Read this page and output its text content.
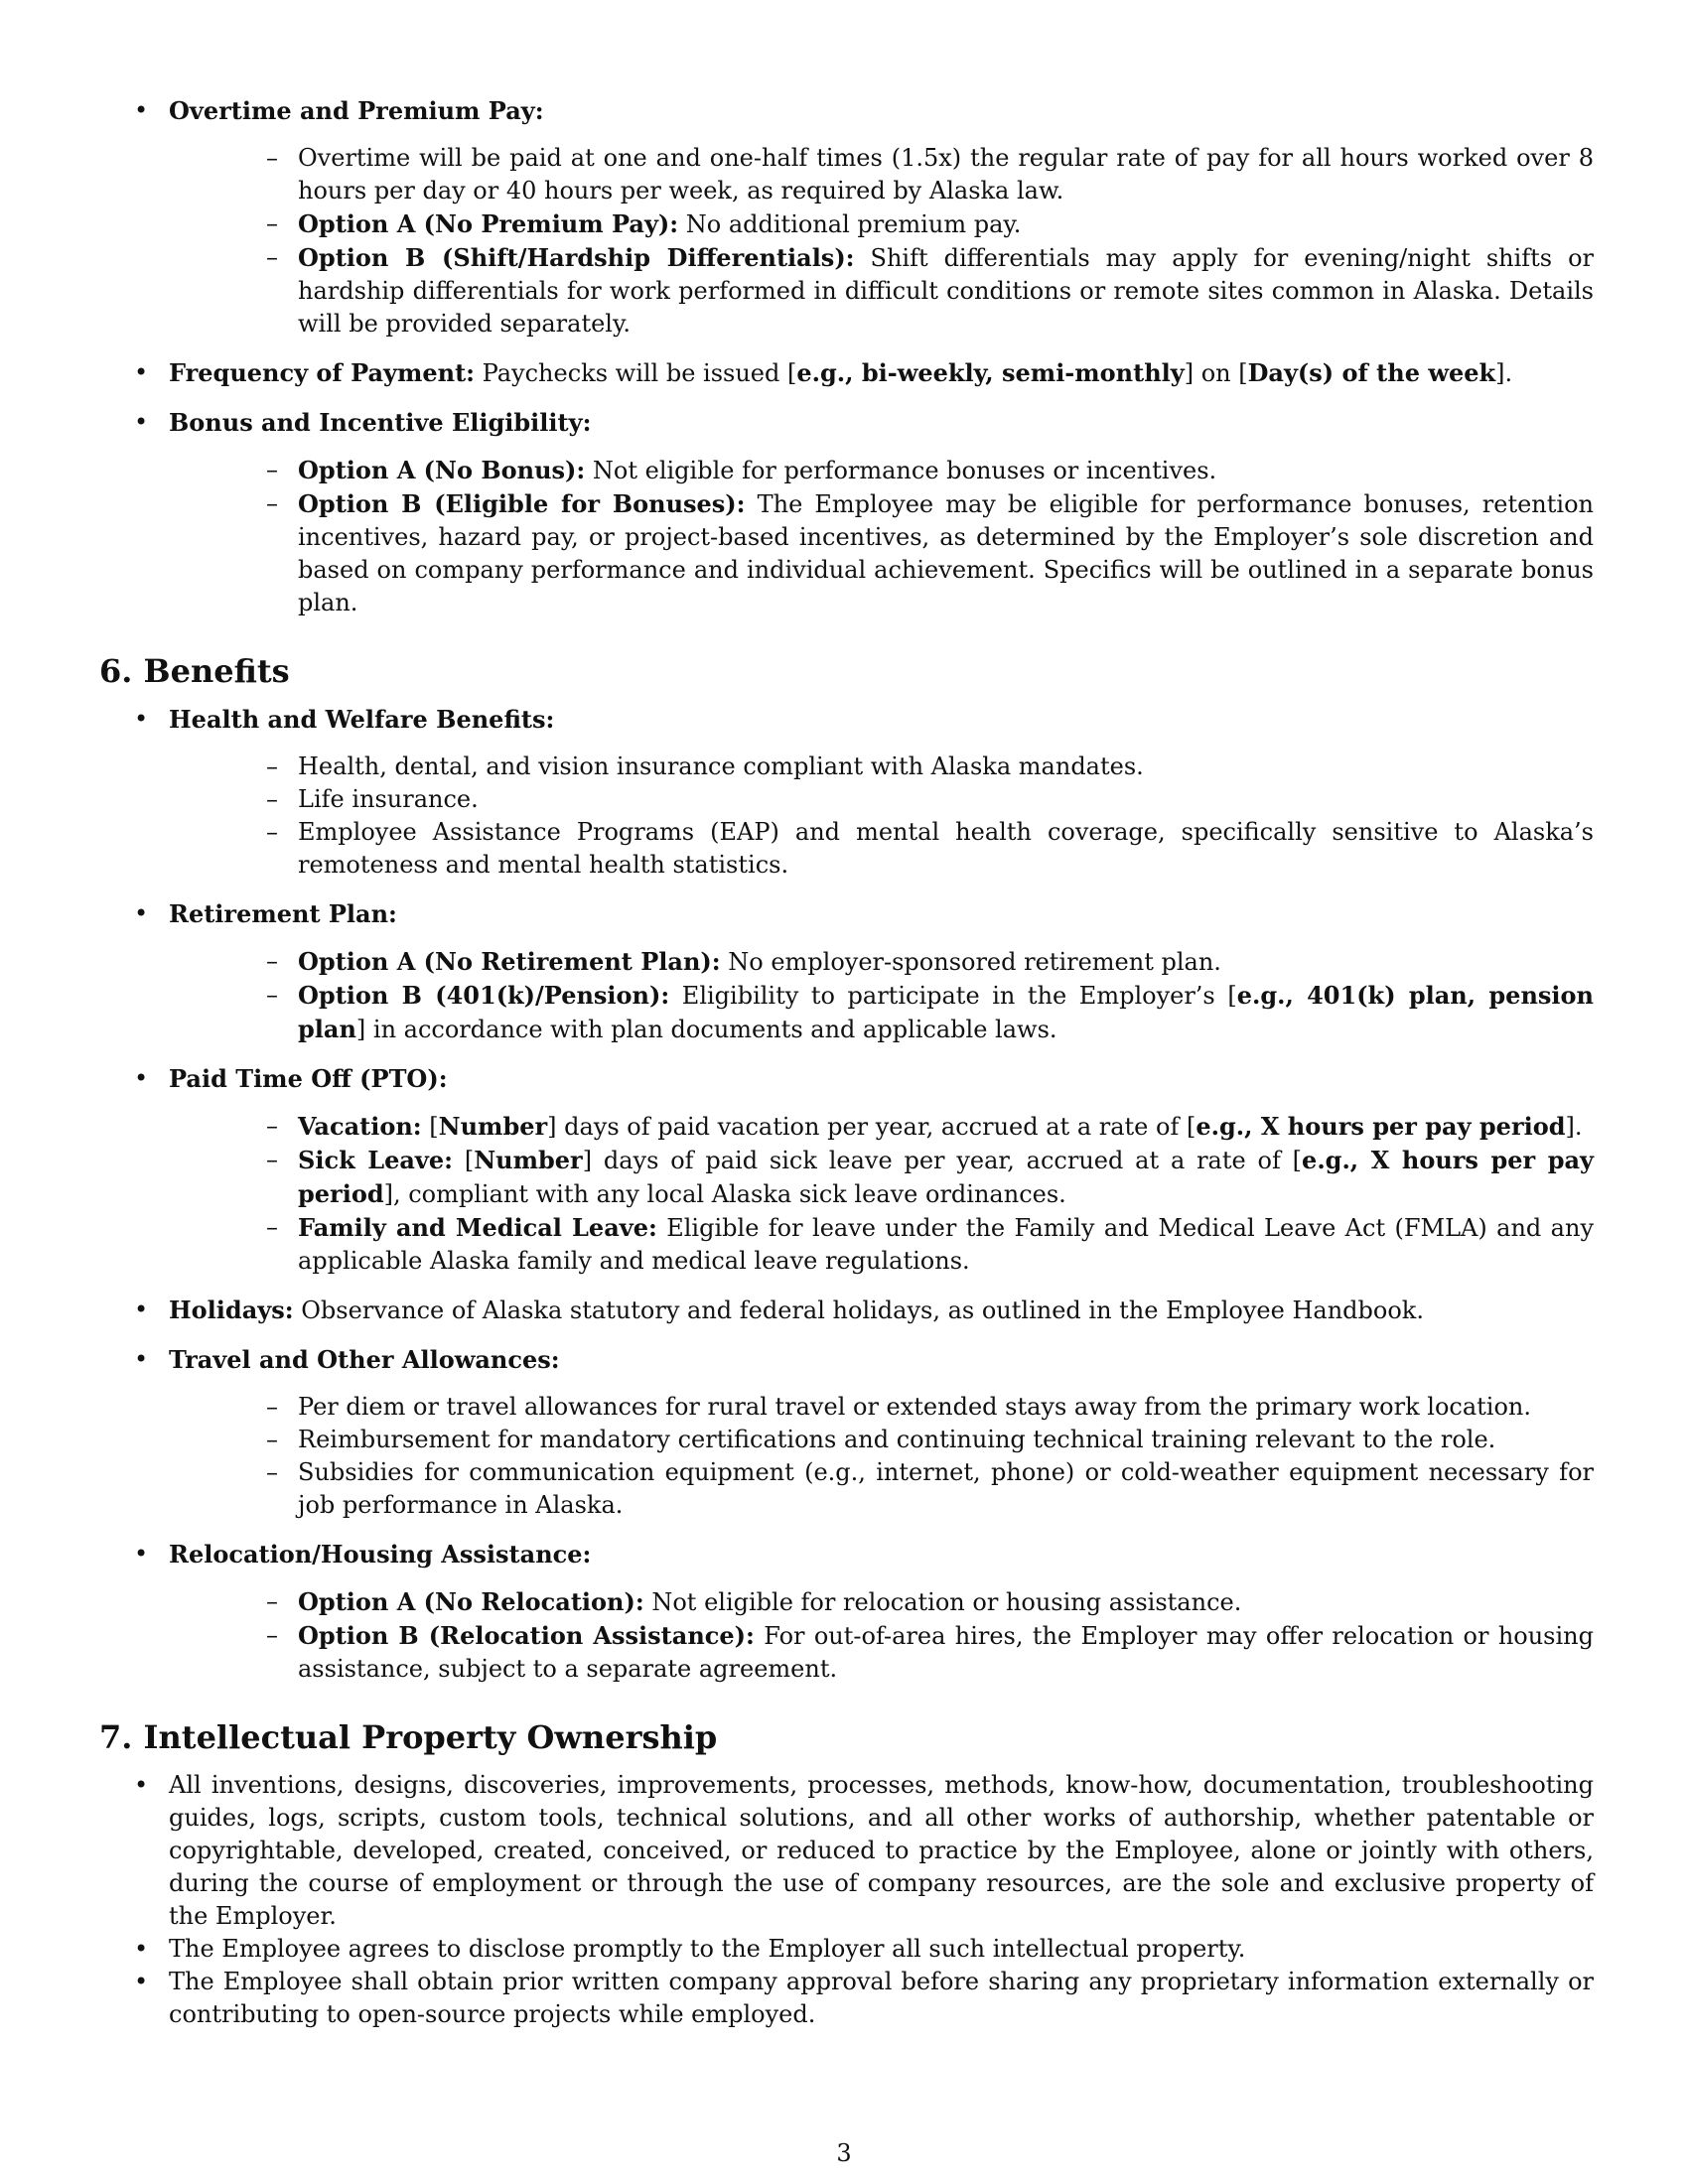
• Overtime and Premium Pay:
– Overtime will be paid at one and one-half times (1.5x) the regular rate of pay for all hours worked over 8 hours per day or 40 hours per week, as required by Alaska law.
– Option A (No Premium Pay): No additional premium pay.
– Option B (Shift/Hardship Differentials): Shift differentials may apply for evening/night shifts or hardship differentials for work performed in difficult conditions or remote sites common in Alaska. Details will be provided separately.
• Frequency of Payment: Paychecks will be issued [e.g., bi-weekly, semi-monthly] on [Day(s) of the week].
• Bonus and Incentive Eligibility:
– Option A (No Bonus): Not eligible for performance bonuses or incentives.
– Option B (Eligible for Bonuses): The Employee may be eligible for performance bonuses, retention incentives, hazard pay, or project-based incentives, as determined by the Employer’s sole discretion and based on company performance and individual achievement. Specifics will be outlined in a separate bonus plan.
6. Benefits
• Health and Welfare Benefits:
– Health, dental, and vision insurance compliant with Alaska mandates.
– Life insurance.
– Employee Assistance Programs (EAP) and mental health coverage, specifically sensitive to Alaska’s remoteness and mental health statistics.
• Retirement Plan:
– Option A (No Retirement Plan): No employer-sponsored retirement plan.
– Option B (401(k)/Pension): Eligibility to participate in the Employer’s [e.g., 401(k) plan, pension plan] in accordance with plan documents and applicable laws.
• Paid Time Off (PTO):
– Vacation: [Number] days of paid vacation per year, accrued at a rate of [e.g., X hours per pay period].
– Sick Leave: [Number] days of paid sick leave per year, accrued at a rate of [e.g., X hours per pay period], compliant with any local Alaska sick leave ordinances.
– Family and Medical Leave: Eligible for leave under the Family and Medical Leave Act (FMLA) and any applicable Alaska family and medical leave regulations.
• Holidays: Observance of Alaska statutory and federal holidays, as outlined in the Employee Handbook.
• Travel and Other Allowances:
– Per diem or travel allowances for rural travel or extended stays away from the primary work location.
– Reimbursement for mandatory certifications and continuing technical training relevant to the role.
– Subsidies for communication equipment (e.g., internet, phone) or cold-weather equipment necessary for job performance in Alaska.
• Relocation/Housing Assistance:
– Option A (No Relocation): Not eligible for relocation or housing assistance.
– Option B (Relocation Assistance): For out-of-area hires, the Employer may offer relocation or housing assistance, subject to a separate agreement.
7. Intellectual Property Ownership
• All inventions, designs, discoveries, improvements, processes, methods, know-how, documentation, troubleshooting guides, logs, scripts, custom tools, technical solutions, and all other works of authorship, whether patentable or copyrightable, developed, created, conceived, or reduced to practice by the Employee, alone or jointly with others, during the course of employment or through the use of company resources, are the sole and exclusive property of the Employer.
• The Employee agrees to disclose promptly to the Employer all such intellectual property.
• The Employee shall obtain prior written company approval before sharing any proprietary information externally or contributing to open-source projects while employed.
3
